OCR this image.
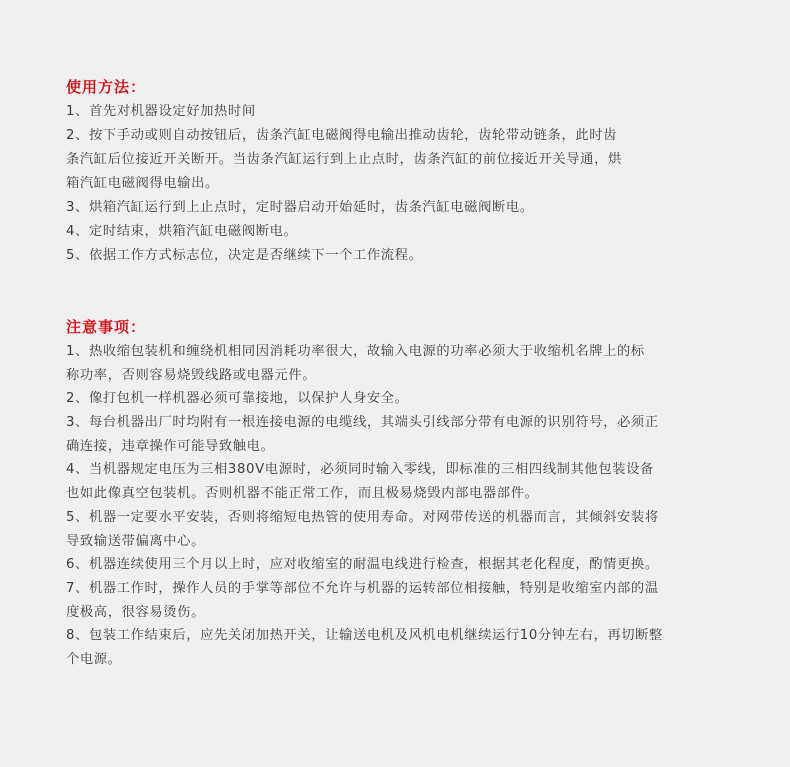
使用方法：
1、首先对机器设定好加热时间
2、按下手动或则自动按钮后，齿条汽缸电磁阀得电输出推动齿轮，齿轮带动链条，此时齿
条汽缸后位接近开关断开。当齿条汽缸运行到上止点时，齿条汽缸的前位接近开关导通，烘
箱汽缸电磁阀得电输出。
3、烘箱汽缸运行到上止点时，定时器启动开始延时，齿条汽缸电磁阀断电。
4、定时结束，烘箱汽缸电磁阀断电。
5、依据工作方式标志位，决定是否继续下一个工作流程。
注意事项：
1、热收缩包装机和缠绕机相同因消耗功率很大，故输入电源的功率必须大于收缩机名牌上的标
称功率，否则容易烧毁线路或电器元件。
2、像打包机一样机器必须可靠接地，以保护人身安全。
3、每台机器出厂时均附有一根连接电源的电缆线，其端头引线部分带有电源的识别符号，必须正
确连接，违章操作可能导致触电。
4、当机器规定电压为三相380V电源时，必须同时输入零线，即标准的三相四线制其他包装设备
也如此像真空包装机。否则机器不能正常工作，而且极易烧毁内部电器部件。
5、机器一定要水平安装，否则将缩短电热管的使用寿命。对网带传送的机器而言，其倾斜安装将
导致输送带偏离中心。
6、机器连续使用三个月以上时，应对收缩室的耐温电线进行检查，根据其老化程度，酌情更换。
7、机器工作时，操作人员的手掌等部位不允许与机器的运转部位相接触，特别是收缩室内部的温
度极高，很容易烫伤。
8、包装工作结束后，应先关闭加热开关，让输送电机及风机电机继续运行10分钟左右，再切断整
个电源。
